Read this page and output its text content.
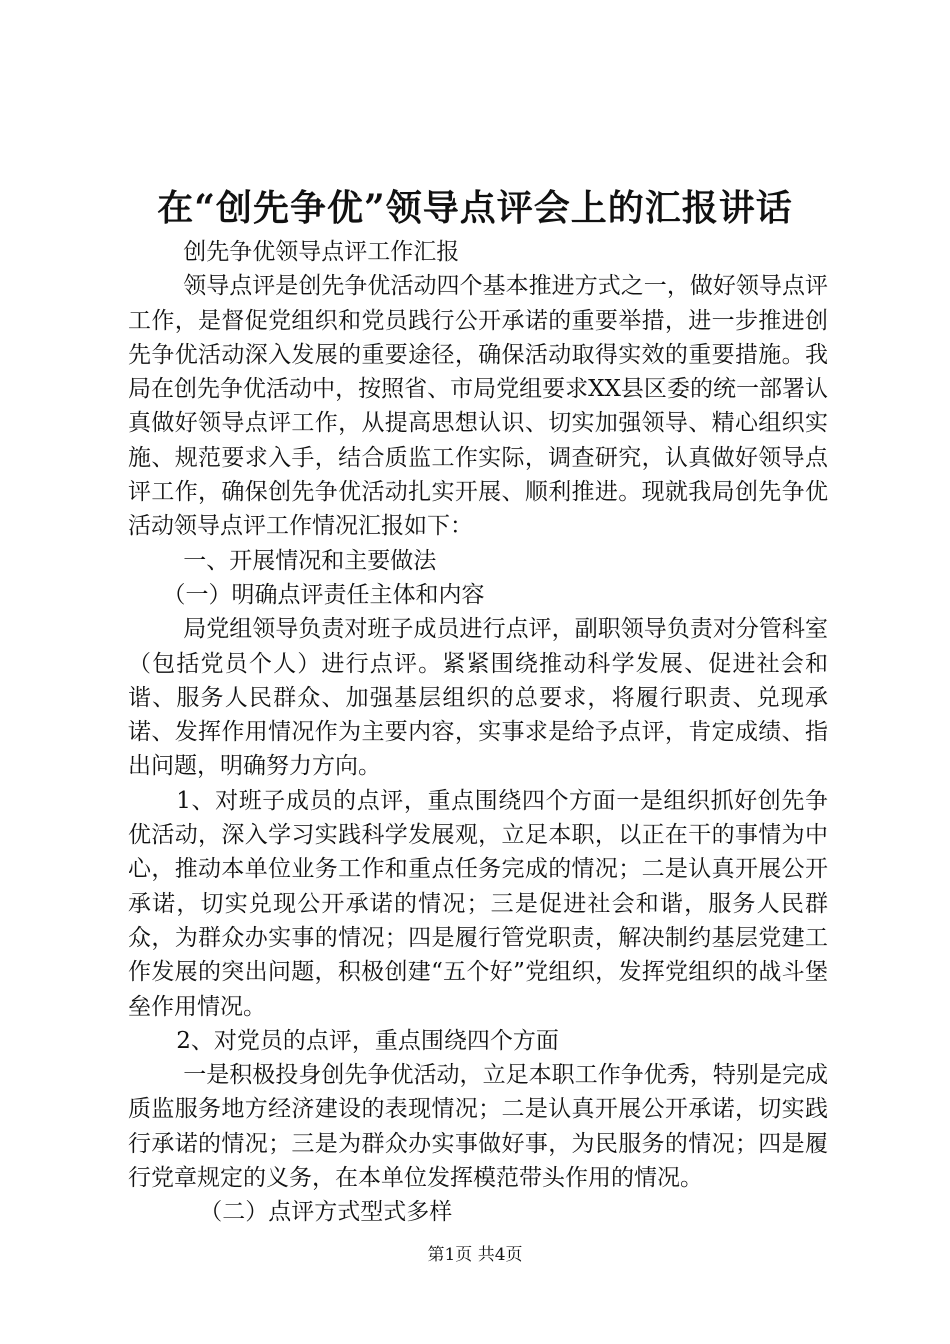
在“创先争优”领导点评会上的汇报讲话

创先争优领导点评工作汇报

领导点评是创先争优活动四个基本推进方式之一，做好领导点评工作，是督促党组织和党员践行公开承诺的重要举措，进一步推进创先争优活动深入发展的重要途径，确保活动取得实效的重要措施。我局在创先争优活动中，按照省、市局党组要求XX县区委的统一部署认真做好领导点评工作，从提高思想认识、切实加强领导、精心组织实施、规范要求入手，结合质监工作实际，调查研究，认真做好领导点评工作，确保创先争优活动扎实开展、顺利推进。现就我局创先争优活动领导点评工作情况汇报如下：

一、开展情况和主要做法

（一）明确点评责任主体和内容

局党组领导负责对班子成员进行点评，副职领导负责对分管科室（包括党员个人）进行点评。紧紧围绕推动科学发展、促进社会和谐、服务人民群众、加强基层组织的总要求，将履行职责、兑现承诺、发挥作用情况作为主要内容，实事求是给予点评，肯定成绩、指出问题，明确努力方向。

1、对班子成员的点评，重点围绕四个方面一是组织抓好创先争优活动，深入学习实践科学发展观，立足本职，以正在干的事情为中心，推动本单位业务工作和重点任务完成的情况；二是认真开展公开承诺，切实兑现公开承诺的情况；三是促进社会和谐，服务人民群众，为群众办实事的情况；四是履行管党职责，解决制约基层党建工作发展的突出问题，积极创建“五个好”党组织，发挥党组织的战斗堡垒作用情况。

2、对党员的点评，重点围绕四个方面

一是积极投身创先争优活动，立足本职工作争优秀，特别是完成质监服务地方经济建设的表现情况；二是认真开展公开承诺，切实践行承诺的情况；三是为群众办实事做好事，为民服务的情况；四是履行党章规定的义务，在本单位发挥模范带头作用的情况。

（二）点评方式型式多样

第1页 共4页
